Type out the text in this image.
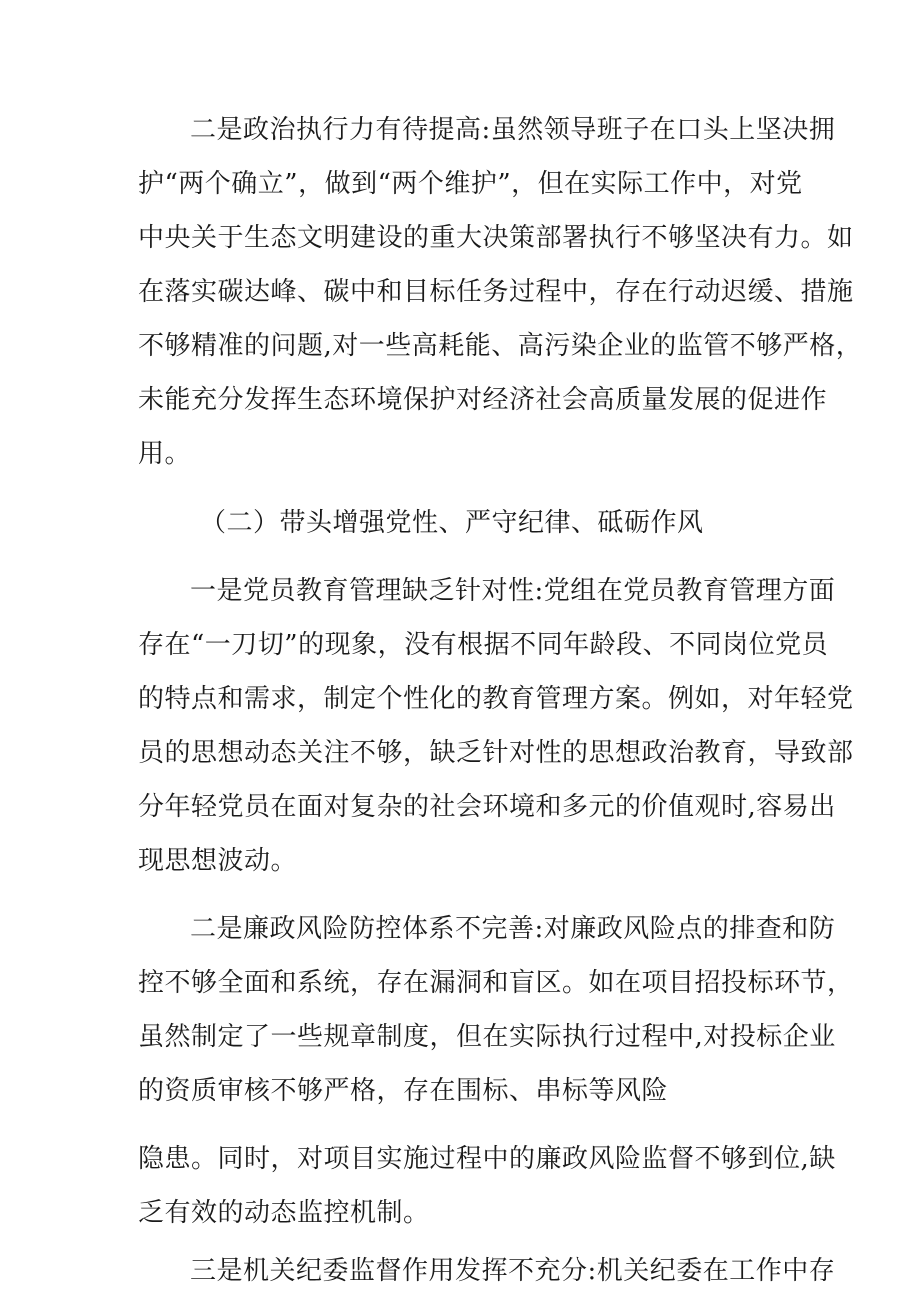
二是政治执行力有待提高:虽然领导班子在口头上坚决拥
护“两个确立”，做到“两个维护”，但在实际工作中，对党
中央关于生态文明建设的重大决策部署执行不够坚决有力。如
在落实碳达峰、碳中和目标任务过程中，存在行动迟缓、措施
不够精准的问题,对一些高耗能、高污染企业的监管不够严格，
未能充分发挥生态环境保护对经济社会高质量发展的促进作
用。
（二）带头增强党性、严守纪律、砥砺作风
一是党员教育管理缺乏针对性:党组在党员教育管理方面
存在“一刀切”的现象，没有根据不同年龄段、不同岗位党员
的特点和需求，制定个性化的教育管理方案。例如，对年轻党
员的思想动态关注不够，缺乏针对性的思想政治教育，导致部
分年轻党员在面对复杂的社会环境和多元的价值观时,容易出
现思想波动。
二是廉政风险防控体系不完善:对廉政风险点的排查和防
控不够全面和系统，存在漏洞和盲区。如在项目招投标环节，
虽然制定了一些规章制度，但在实际执行过程中,对投标企业
的资质审核不够严格，存在围标、串标等风险
隐患。同时，对项目实施过程中的廉政风险监督不够到位,缺
乏有效的动态监控机制。
三是机关纪委监督作用发挥不充分:机关纪委在工作中存
